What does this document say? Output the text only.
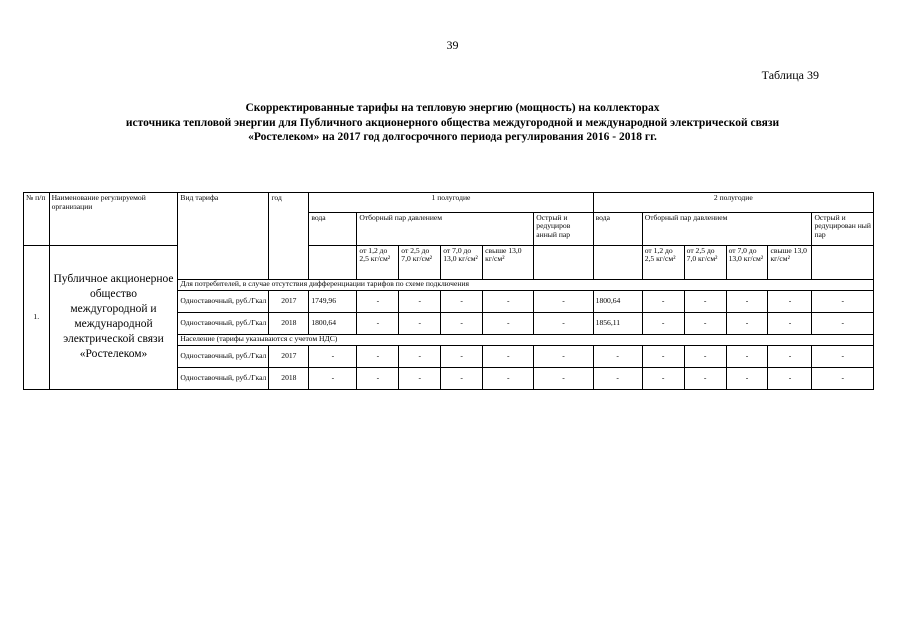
39
Таблица 39
Скорректированные тарифы на тепловую энергию (мощность) на коллекторах
источника тепловой энергии для Публичного акционерного общества междугородной и международной электрической связи
«Ростелеком» на 2017 год долгосрочного периода регулирования 2016 - 2018 гг.
№ п/п	Наименование регулируемой организации	Вид тарифа	год	1 полугодие						2 полугодие					
				вода	Отборный пар давлением				Острый и редуциров анный пар	вода	Отборный пар давлением				Острый и редуцирован ный пар
1.	Публичное акционерное общество междугородной и международной электрической связи «Ростелеком»				от 1,2 до 2,5 кг/см²	от 2,5 до 7,0 кг/см²	от 7,0 до 13,0 кг/см²	свыше 13,0 кг/см²			от 1,2 до 2,5 кг/см²	от 2,5 до 7,0 кг/см²	от 7,0 до 13,0 кг/см²	свыше 13,0 кг/см²	
		Для потребителей, в случае отсутствия дифференциации тарифов по схеме подключения													
		Одноставочный, руб./Гкал	2017	1749,96	-	-	-	-	-	1800,64	-	-	-	-	-
		Одноставочный, руб./Гкал	2018	1800,64	-	-	-	-	-	1856,11	-	-	-	-	-
		Население (тарифы указываются с учетом НДС)													
		Одноставочный, руб./Гкал	2017	-	-	-	-	-	-	-	-	-	-	-	-
		Одноставочный, руб./Гкал	2018	-	-	-	-	-	-	-	-	-	-	-	-
